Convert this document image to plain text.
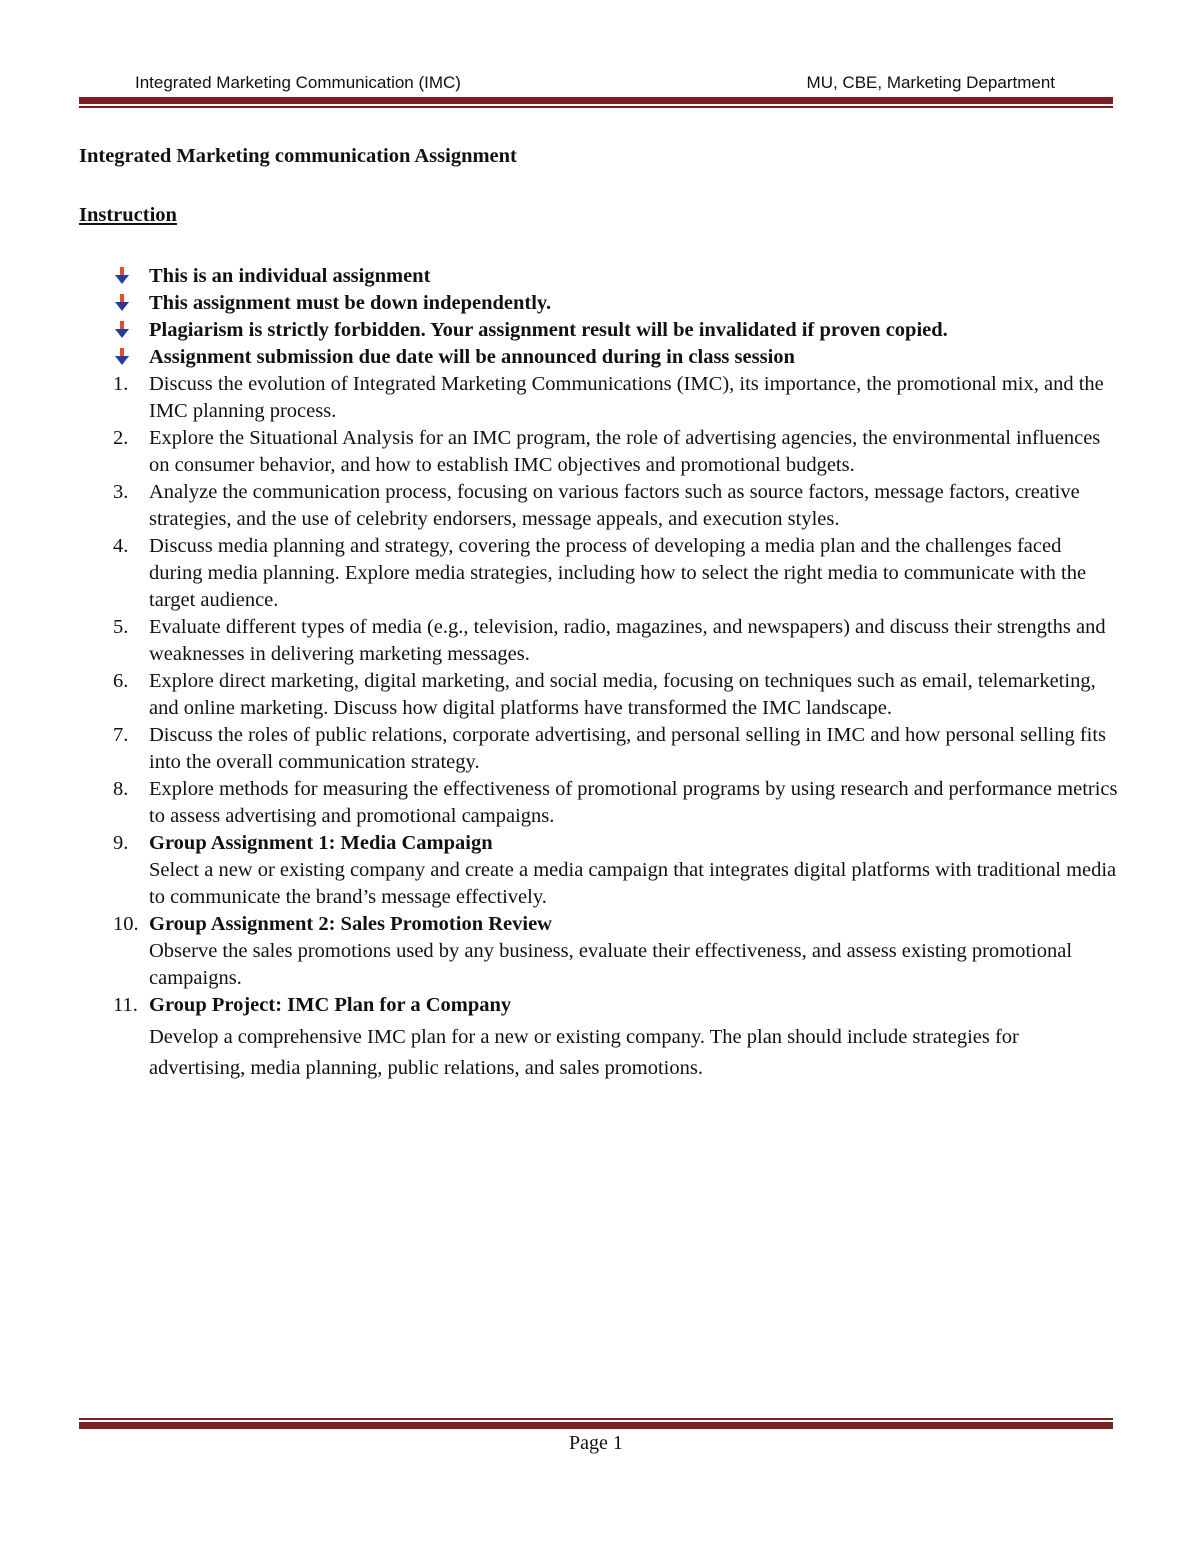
Integrated Marketing Communication (IMC)	MU, CBE, Marketing Department

Integrated Marketing communication Assignment

Instruction
This is an individual assignment
This assignment must be down independently.
Plagiarism is strictly forbidden. Your assignment result will be invalidated if proven copied.
Assignment submission due date will be announced during in class session
1. Discuss the evolution of Integrated Marketing Communications (IMC), its importance, the promotional mix, and the IMC planning process.
2. Explore the Situational Analysis for an IMC program, the role of advertising agencies, the environmental influences on consumer behavior, and how to establish IMC objectives and promotional budgets.
3. Analyze the communication process, focusing on various factors such as source factors, message factors, creative strategies, and the use of celebrity endorsers, message appeals, and execution styles.
4. Discuss media planning and strategy, covering the process of developing a media plan and the challenges faced during media planning. Explore media strategies, including how to select the right media to communicate with the target audience.
5. Evaluate different types of media (e.g., television, radio, magazines, and newspapers) and discuss their strengths and weaknesses in delivering marketing messages.
6. Explore direct marketing, digital marketing, and social media, focusing on techniques such as email, telemarketing, and online marketing. Discuss how digital platforms have transformed the IMC landscape.
7. Discuss the roles of public relations, corporate advertising, and personal selling in IMC and how personal selling fits into the overall communication strategy.
8. Explore methods for measuring the effectiveness of promotional programs by using research and performance metrics to assess advertising and promotional campaigns.
9. Group Assignment 1: Media Campaign
Select a new or existing company and create a media campaign that integrates digital platforms with traditional media to communicate the brand’s message effectively.
10. Group Assignment 2: Sales Promotion Review
Observe the sales promotions used by any business, evaluate their effectiveness, and assess existing promotional campaigns.
11. Group Project: IMC Plan for a Company
Develop a comprehensive IMC plan for a new or existing company. The plan should include strategies for advertising, media planning, public relations, and sales promotions.
Page 1
